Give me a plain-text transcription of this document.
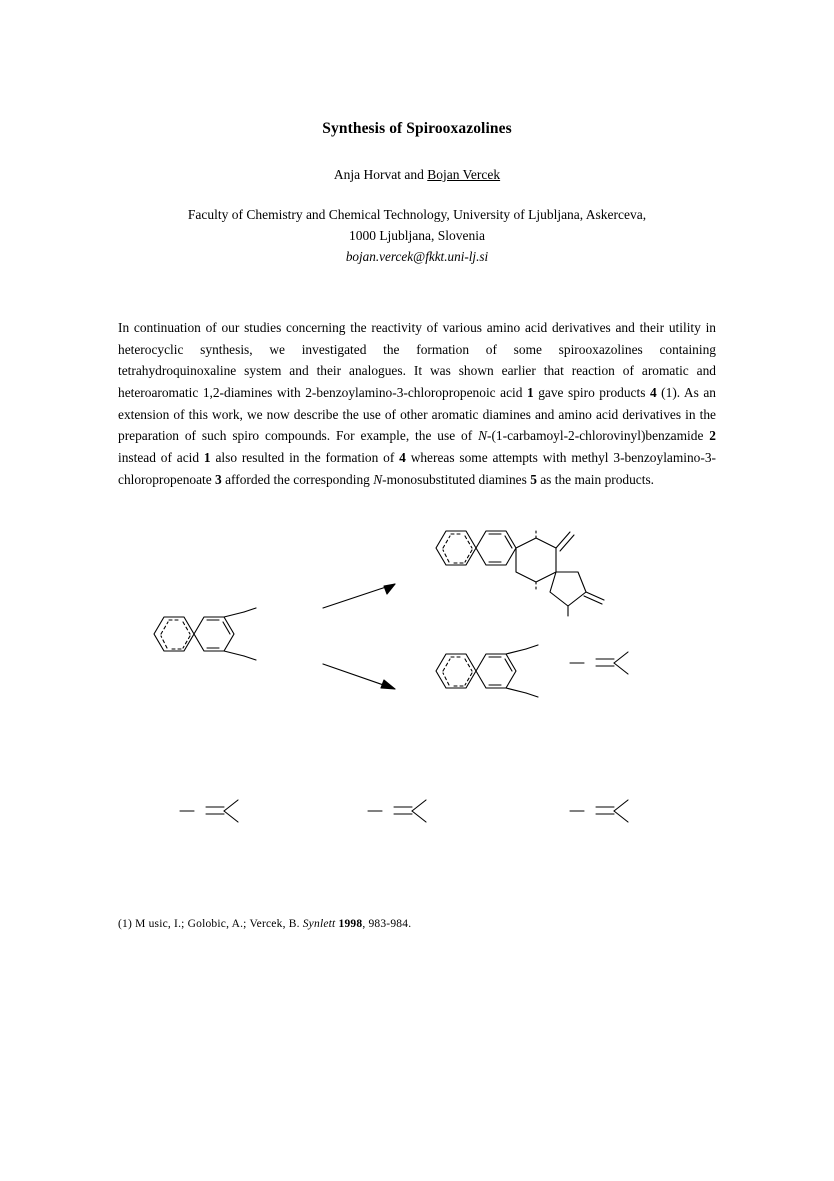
Synthesis of Spirooxazolines
Anja Horvat and Bojan Vercek
Faculty of Chemistry and Chemical Technology, University of Ljubljana, Askerceva,
1000 Ljubljana, Slovenia
bojan.vercek@fkkt.uni-lj.si
In continuation of our studies concerning the reactivity of various amino acid derivatives and their utility in heterocyclic synthesis, we investigated the formation of some spirooxazolines containing tetrahydroquinoxaline system and their analogues. It was shown earlier that reaction of aromatic and heteroaromatic 1,2-diamines with 2-benzoylamino-3-chloropropenoic acid 1 gave spiro products 4 (1). As an extension of this work, we now describe the use of other aromatic diamines and amino acid derivatives in the preparation of such spiro compounds. For example, the use of N-(1-carbamoyl-2-chlorovinyl)benzamide 2 instead of acid 1 also resulted in the formation of 4 whereas some attempts with methyl 3-benzoylamino-3-chloropropenoate 3 afforded the corresponding N-monosubstituted diamines 5 as the main products.
(1) M usic, I.; Golobic, A.; Vercek, B. Synlett 1998, 983-984.
